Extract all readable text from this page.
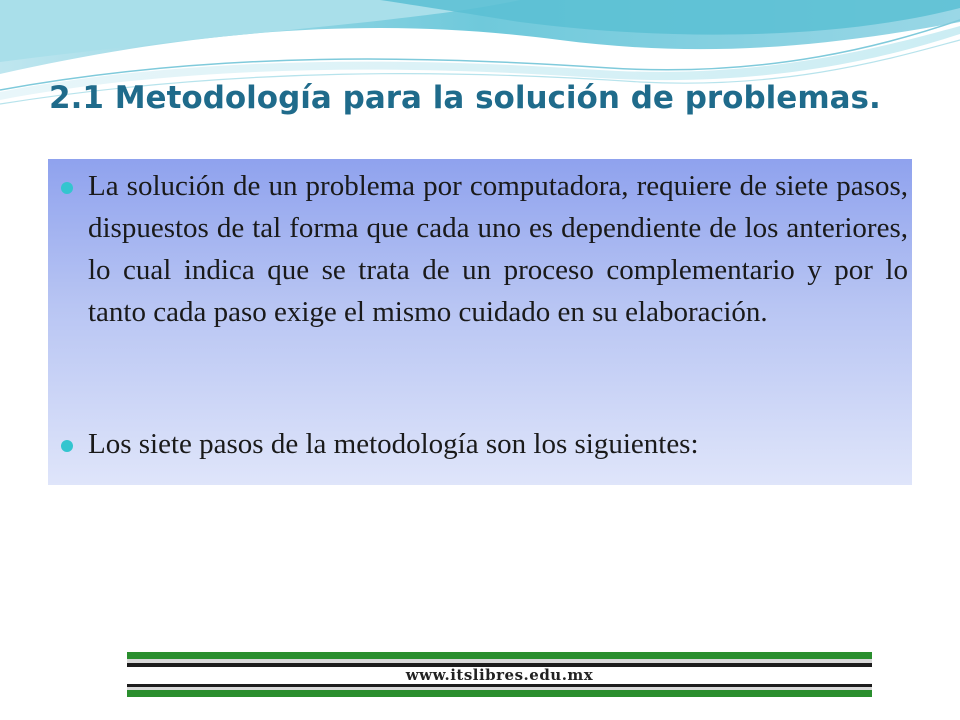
2.1 Metodología para la solución de problemas.
La solución de un problema por computadora, requiere de siete pasos, dispuestos de tal forma que cada uno es dependiente de los anteriores, lo cual indica que se trata de un proceso complementario y por lo tanto cada paso exige el mismo cuidado en su elaboración.
Los siete pasos de la metodología son los siguientes:
www.itslibres.edu.mx
